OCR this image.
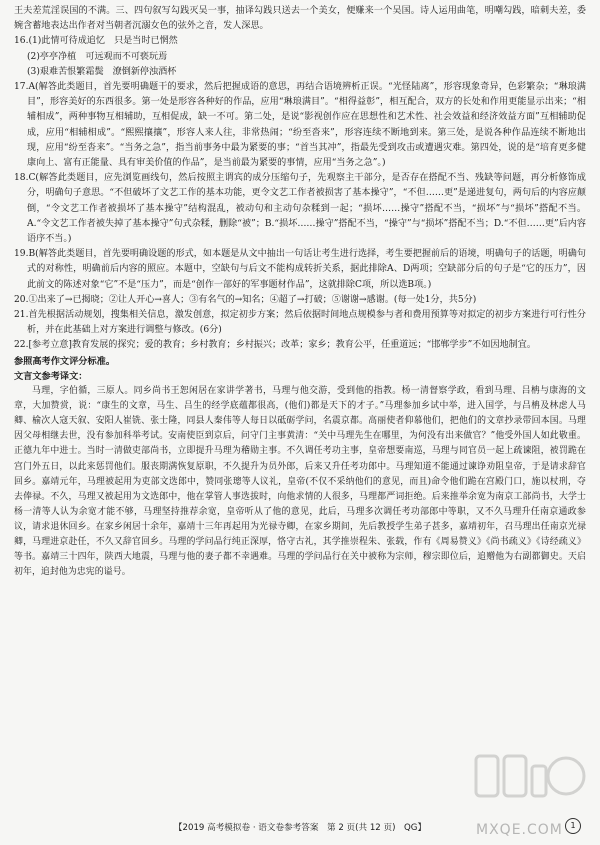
王夫差荒淫误国的不满。三、四句叙写勾践灭吴一事，抽译勾践只送去一个美女，便赚来一个吴国。诗人运用曲笔，明嘲勾践，暗刺夫差，委婉含蓄地表达出作者对当朝者沉溺女色的弦外之音，发人深思。

16.(1)此情可待成追忆　只是当时已惘然

(2)亭亭净植　可远观而不可亵玩焉

(3)艰难苦恨繁霜鬓　潦倒新停浊酒杯

17.A(解答此类题目，首先要明确题干的要求，然后把握成语的意思，再结合语境辨析正误。“光怪陆离”，形容现象奇异，色彩繁杂；“琳琅满目”，形容美好的东西很多。第一处是形容各种好的作品，应用“琳琅满目”。“相得益彰”，相互配合，双方的长处和作用更能显示出来；“相辅相成”，两种事物互相辅助，互相促成，缺一不可。第二处，是说“影视创作应在思想性和艺术性、社会效益和经济效益方面”互相辅助促成，应用“相辅相成”。“熙熙攘攘”，形容人来人往，非常热闹；“纷至沓来”，形容连续不断地到来。第三处，是说各种作品连续不断地出现，应用“纷至沓来”。“当务之急”，指当前事务中最为紧要的事；“首当其冲”，指最先受到攻击或遭遇灾难。第四处，说的是“培育更多健康向上、富有正能量、具有审美价值的作品”，是当前最为紧要的事情，应用“当务之急”。)

18.C(解答此类题目，应先浏览画线句，然后按照主谓宾的成分压缩句子，先观察主干部分，是否存在搭配不当、残缺等问题，再分析修饰成分，明确句子意思。“不但破坏了文艺工作的基本功能，更令文艺工作者被损害了基本操守”，“不但……更”是递进复句，两句后的内容应颠倒，“令文艺工作者被损坏了基本操守”结构混乱，被动句和主动句杂糅到一起；“损坏……操守”搭配不当，“损坏”与“损坏”搭配不当。A.“令文艺工作者被失掉了基本操守”句式杂糅，删除“被”；B.“损坏……操守”搭配不当，“操守”与“损坏”搭配不当；D.“不但……更”后内容语序不当。)

19.B(解答此类题目，首先要明确设题的形式，如本题是从文中抽出一句话让考生进行选择，考生要把握前后的语境，明确句子的话题，明确句式的对称性，明确前后内容的照应。本题中，空缺句与后文不能构成转折关系，据此排除A、D两项；空缺部分后的句子是“它的压力”，因此前文的陈述对象“它”不是“压力”，而是“创作一部好的军事题材作品”，这就排除C项，所以选B项。)

20.①出来了→已揭晓；②让人开心→喜人；③有名气的→知名；④超了→打破；⑤谢谢→感谢。(每一处1分，共5分)

21.首先根据活动规划，搜集相关信息，激发创意，拟定初步方案；然后依据时间地点规模参与者和费用预算等对拟定的初步方案进行可行性分析，并在此基础上对方案进行调整与修改。(6分)

22.[参考立意]教育发展的探究；爱的教育；乡村教育；乡村振兴；改革；家乡；教育公平，任重道远；“邯郸学步”不如因地制宜。

参照高考作文评分标准。

文言文参考译文：

马理，字伯循，三原人。同乡尚书王恕闲居在家讲学著书，马理与他交游，受到他的指教。杨一清督察学政，看到马理、吕柟与康海的文章，大加赞赏，说：“康生的文章，马生、吕生的经学底蕴都很高，(他们)都是天下的才子。”马理参加乡试中举，进入国学，与吕柟及林虑人马卿、榆次人寇天叙、安阳人崔铣、张士隆，同县人秦伟等人每日以砥砺学问，名震京都。高丽使者仰慕他们，把他们的文章抄录带回本国。马理因父母相继去世，没有参加科举考试。安南使臣到京后，问守门主事黄清：“关中马理先生在哪里，为何没有出来做官？”他受外国人如此敬重。正德九年中进士。当时一清做吏部尚书，立即提升马理为稽勋主事。不久调任考功主事，皇帝想要南巡，马理与同官员一起上疏谏阻，被罚跪在宫门外五日，以此来惩罚他们。服丧期满恢复原职，不久提升为员外郎，后来又升任考功郎中。马理知道不能通过谏诤劝阻皇帝，于是请求辞官回乡。嘉靖元年，马理被起用为吏部文选郎中，赞同张璁等人议礼，皇帝(不仅不采纳他们的意见，而且)命令他们跪在宫殿门口，施以杖刑，夺去俸禄。不久，马理又被起用为文选郎中，他在掌管人事选拔时，向他求情的人很多，马理都严词拒绝。后来推举余宽为南京工部尚书，大学士杨一清等人认为余宽才能不够，马理坚持推荐余宽，皇帝听从了他的意见，此后，马理多次调任考功部郎中等职，又不久马理升任南京通政参议，请求退休回乡。在家乡闲居十余年，嘉靖十三年再起用为光禄寺卿，在家乡期间，先后教授学生弟子甚多，嘉靖初年，召马理出任南京光禄卿，马理进京赴任，不久又辞官回乡。马理的学问品行纯正深厚，恪守古礼，其学推崇程朱、张载，作有《周易赞义》《尚书疏义》《诗经疏义》等书。嘉靖三十四年，陕西大地震，马理与他的妻子都不幸遇难。马理的学问品行在关中被称为宗师，穆宗即位后，追赠他为右副都御史。天启初年，追封他为忠宪的谥号。

【2019 高考模拟卷 · 语文卷参考答案　第 2 页(共 12 页)　QG】	1
MXQE.COM
